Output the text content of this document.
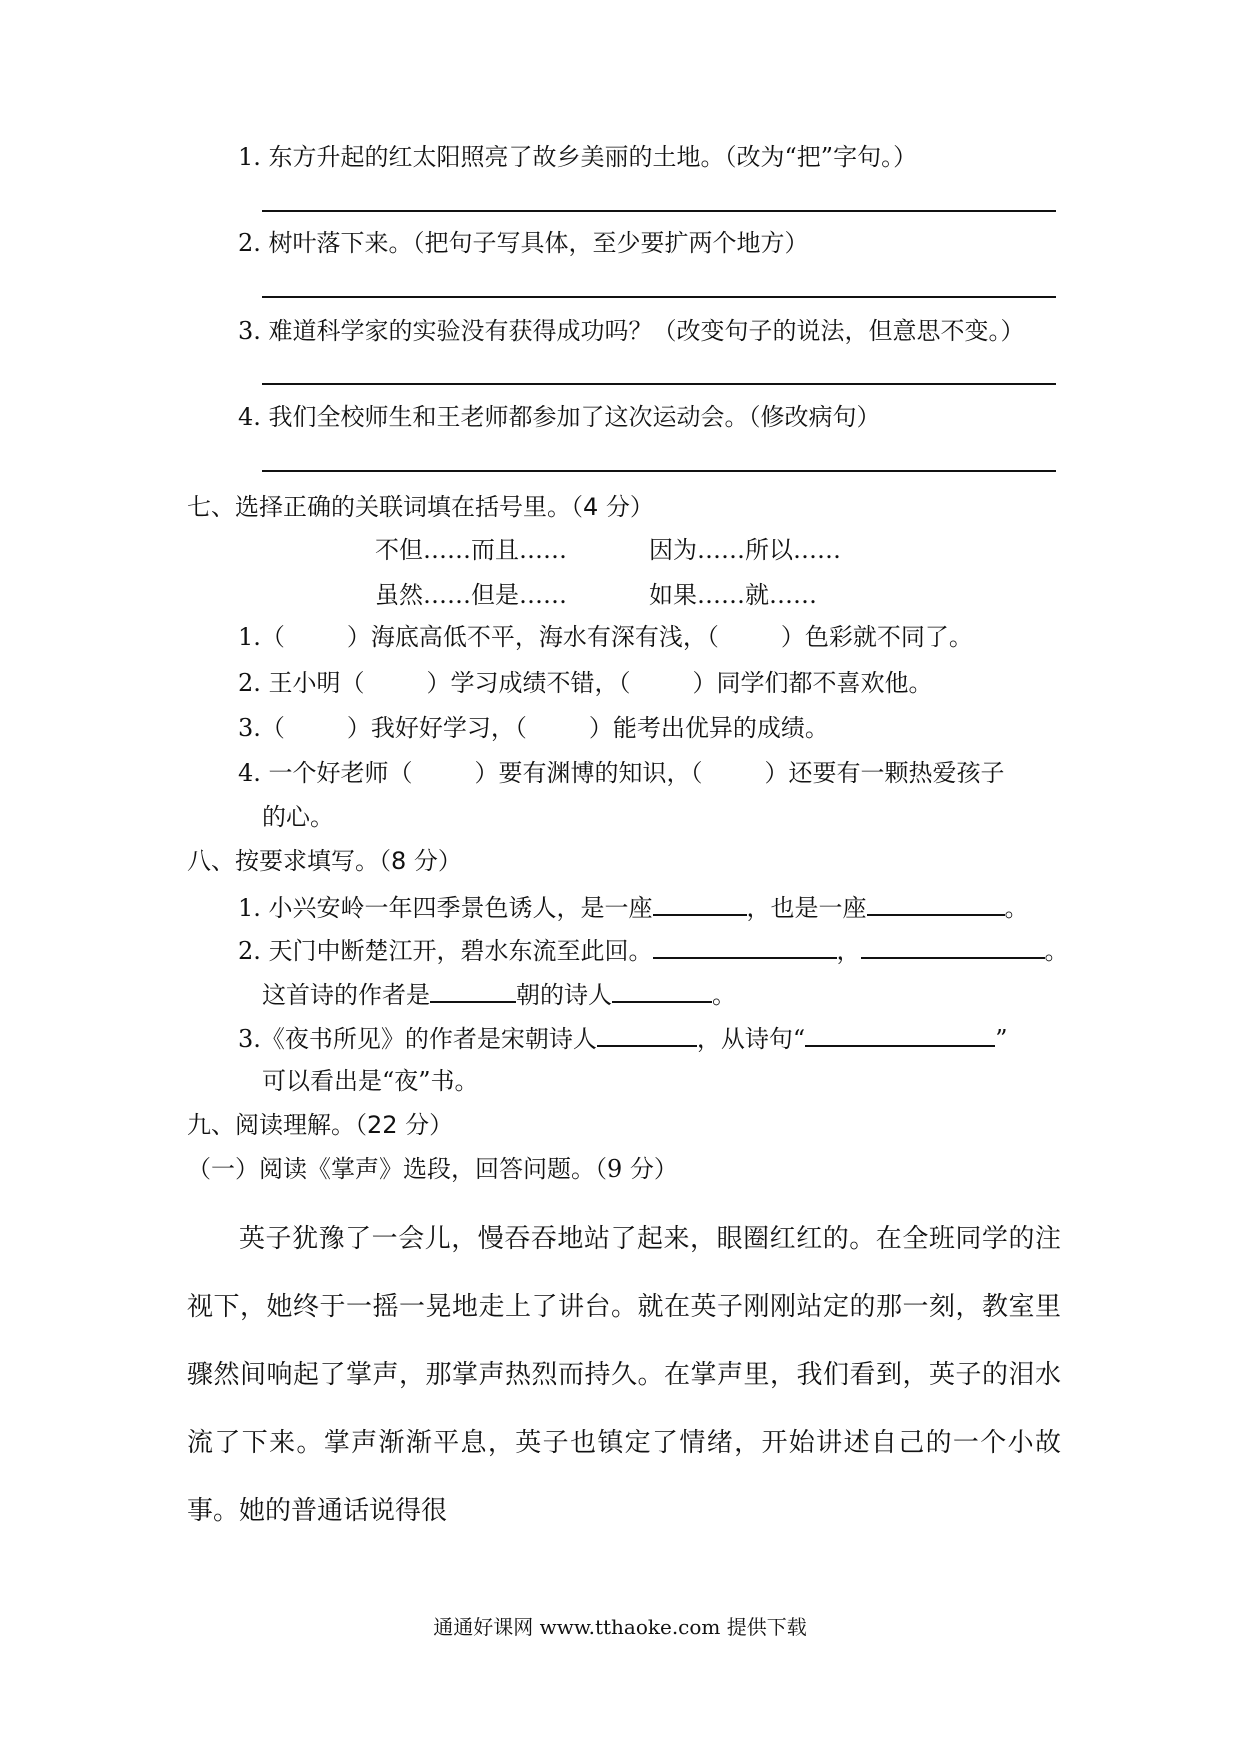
1. 东方升起的红太阳照亮了故乡美丽的土地。（改为“把”字句。）
2. 树叶落下来。（把句子写具体，至少要扩两个地方）
3. 难道科学家的实验没有获得成功吗？（改变句子的说法，但意思不变。）
4. 我们全校师生和王老师都参加了这次运动会。（修改病句）
七、选择正确的关联词填在括号里。（4 分）
不但……而且……	因为……所以……
虽然……但是……	如果……就……
1.（	）海底高低不平，海水有深有浅，（	）色彩就不同了。
2. 王小明（	）学习成绩不错，（	）同学们都不喜欢他。
3.（	）我好好学习，（	）能考出优异的成绩。
4. 一个好老师（	）要有渊博的知识，（	）还要有一颗热爱孩子
的心。
八、按要求填写。（8 分）
1. 小兴安岭一年四季景色诱人，是一座	，也是一座	。
2. 天门中断楚江开，碧水东流至此回。	，	。
这首诗的作者是	朝的诗人	。
3.《夜书所见》的作者是宋朝诗人	，从诗句“	”
可以看出是“夜”书。
九、阅读理解。（22 分）
（一）阅读《掌声》选段，回答问题。（9 分）

英子犹豫了一会儿，慢吞吞地站了起来，眼圈红红的。在全班同学的注视下，她终于一摇一晃地走上了讲台。就在英子刚刚站定的那一刻，教室里骤然间响起了掌声，那掌声热烈而持久。在掌声里，我们看到，英子的泪水流了下来。掌声渐渐平息，英子也镇定了情绪，开始讲述自己的一个小故事。她的普通话说得很

通通好课网 www.tthaoke.com 提供下载
